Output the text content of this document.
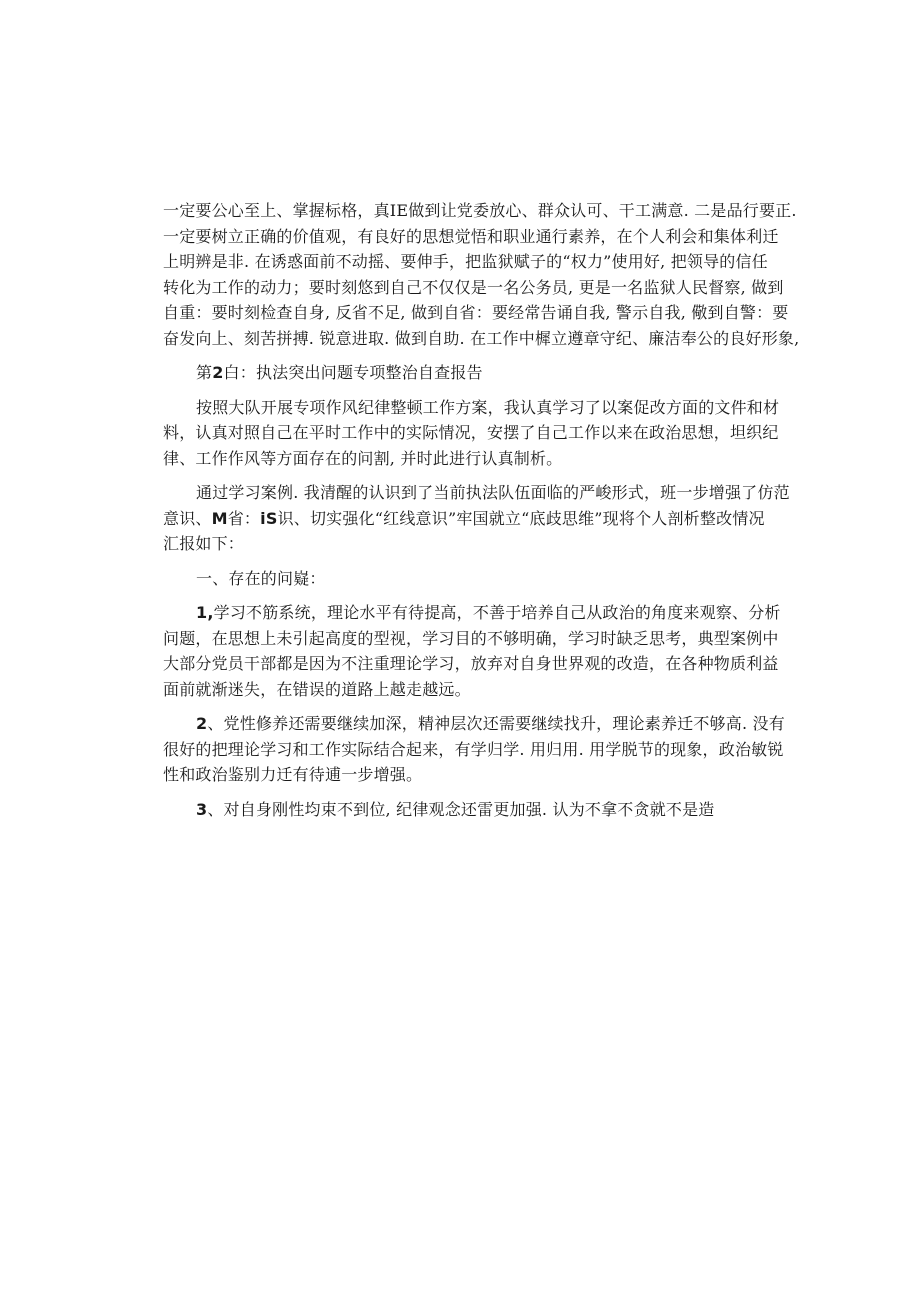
一定要公心至上、掌握标格，真IE做到让党委放心、群众认可、干工满意. 二是品行要正.
一定要树立正确的价值观，有良好的思想觉悟和职业通行素养，在个人利会和集体利迁
上明辨是非. 在诱惑面前不动摇、要伸手，把监狱赋子的“权力”使用好, 把领导的信任
转化为工作的动力；要时刻悠到自己不仅仅是一名公务员, 更是一名监狱人民督察, 做到
自重：要时刻检查自身, 反省不足, 做到自省：要经常告诵自我, 警示自我, 儆到自警：要
奋发向上、刻苦拼搏. 锐意进取. 做到自助. 在工作中樨立遵章守纪、廉洁奉公的良好形象,
第2白：执法突出问题专项整治自查报告
按照大队开展专项作风纪律整顿工作方案，我认真学习了以案促改方面的文件和材
料，认真对照自己在平时工作中的实际情况，安摆了自己工作以来在政治思想，坦织纪
律、工作作风等方面存在的问割, 并时此进行认真制析。
通过学习案例. 我清醒的认识到了当前执法队伍面临的严峻形式，班一步增强了仿范
意识、M省：iS识、切实强化“红线意识”牢国就立“底歧思维”现将个人剖析整改情况
汇报如下：
一、存在的问嶷：
1,学习不筋系统，理论水平有待提高，不善于培养自己从政治的角度来观察、分析
问题，在思想上未引起高度的型视，学习目的不够明确，学习时缺乏思考，典型案例中
大部分党员干部都是因为不注重理论学习，放弃对自身世界观的改造，在各种物质利益
面前就渐迷失，在错误的道路上越走越远。
2、党性修养还需要继续加深，精神层次还需要继续找升，理论素养迁不够高. 没有
很好的把理论学习和工作实际结合起来，有学归学. 用归用. 用学脱节的现象，政治敏锐
性和政治鉴别力迁有待逋一步增强。
3、对自身刚性均束不到位, 纪律观念还雷更加强. 认为不拿不贪就不是造
